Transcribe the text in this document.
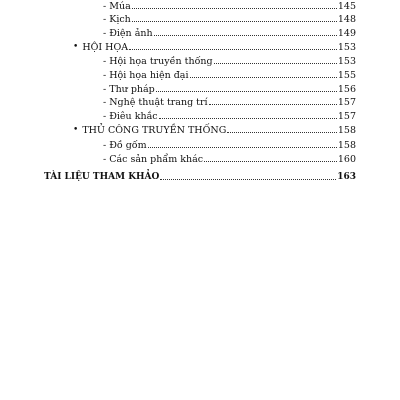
- Múa	145
- Kịch	148
- Điện ảnh	149
• HỘI HỌA	153
- Hội họa truyền thống	153
- Hội họa hiện đại	155
- Thư pháp	156
- Nghệ thuật trang trí	157
- Điêu khắc	157
• THỦ CÔNG TRUYỀN THỐNG	158
- Đồ gốm	158
- Các sản phẩm khác	160
TÀI LIỆU THAM KHẢO	163
